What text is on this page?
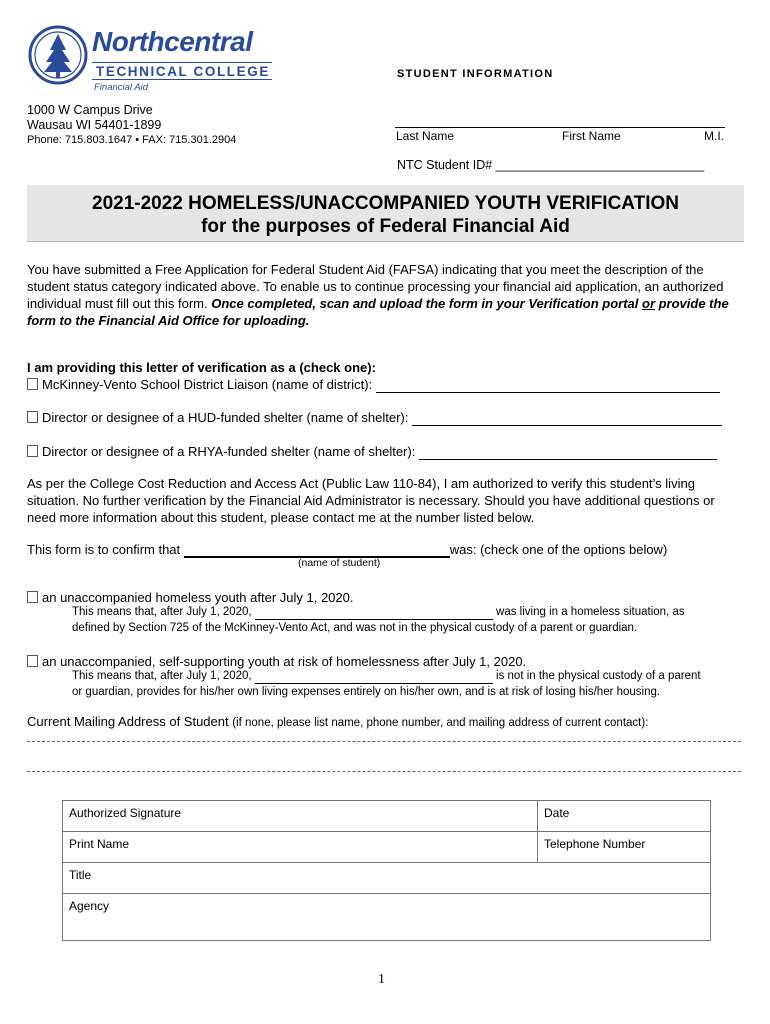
Northcentral
TECHNICAL COLLEGE
Financial Aid
STUDENT INFORMATION
1000 W Campus Drive
Wausau WI 54401-1899
Phone: 715.803.1647 • FAX: 715.301.2904	Last Name	First Name	M.I.
NTC Student ID# ______________________________
2021-2022 HOMELESS/UNACCOMPANIED YOUTH VERIFICATION
for the purposes of Federal Financial Aid
You have submitted a Free Application for Federal Student Aid (FAFSA) indicating that you meet the description of the student status category indicated above. To enable us to continue processing your financial aid application, an authorized individual must fill out this form. Once completed, scan and upload the form in your Verification portal or provide the form to the Financial Aid Office for uploading.
I am providing this letter of verification as a (check one):
McKinney-Vento School District Liaison (name of district):
Director or designee of a HUD-funded shelter (name of shelter):
Director or designee of a RHYA-funded shelter (name of shelter):
As per the College Cost Reduction and Access Act (Public Law 110-84), I am authorized to verify this student’s living situation. No further verification by the Financial Aid Administrator is necessary. Should you have additional questions or need more information about this student, please contact me at the number listed below.
This form is to confirm that	was: (check one of the options below)
(name of student)
an unaccompanied homeless youth after July 1, 2020.
This means that, after July 1, 2020,	was living in a homeless situation, as
defined by Section 725 of the McKinney-Vento Act, and was not in the physical custody of a parent or guardian.
an unaccompanied, self-supporting youth at risk of homelessness after July 1, 2020.
This means that, after July 1, 2020,	is not in the physical custody of a parent
or guardian, provides for his/her own living expenses entirely on his/her own, and is at risk of losing his/her housing.
Current Mailing Address of Student (if none, please list name, phone number, and mailing address of current contact):
Authorized Signature	Date
Print Name	Telephone Number
Title	
Agency	
1
